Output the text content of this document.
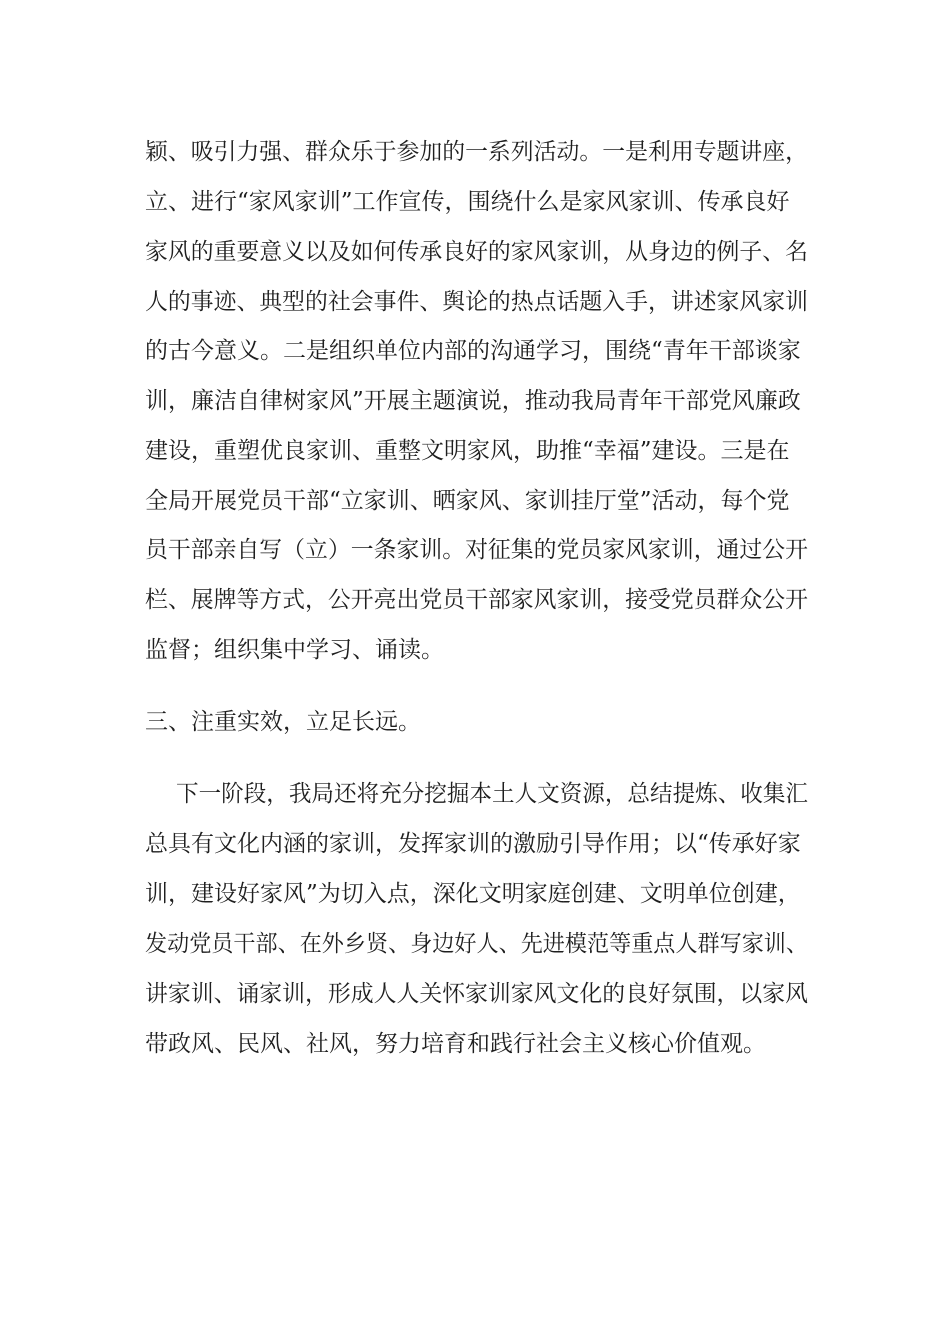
颖、吸引力强、群众乐于参加的一系列活动。一是利用专题讲座，
立、进行“家风家训”工作宣传，围绕什么是家风家训、传承良好
家风的重要意义以及如何传承良好的家风家训，从身边的例子、名
人的事迹、典型的社会事件、舆论的热点话题入手，讲述家风家训
的古今意义。二是组织单位内部的沟通学习，围绕“青年干部谈家
训，廉洁自律树家风”开展主题演说，推动我局青年干部党风廉政
建设，重塑优良家训、重整文明家风，助推“幸福”建设。三是在
全局开展党员干部“立家训、晒家风、家训挂厅堂”活动，每个党
员干部亲自写（立）一条家训。对征集的党员家风家训，通过公开
栏、展牌等方式，公开亮出党员干部家风家训，接受党员群众公开
监督；组织集中学习、诵读。
三、注重实效，立足长远。
下一阶段，我局还将充分挖掘本土人文资源，总结提炼、收集汇
总具有文化内涵的家训，发挥家训的激励引导作用；以“传承好家
训，建设好家风”为切入点，深化文明家庭创建、文明单位创建，
发动党员干部、在外乡贤、身边好人、先进模范等重点人群写家训、
讲家训、诵家训，形成人人关怀家训家风文化的良好氛围，以家风
带政风、民风、社风，努力培育和践行社会主义核心价值观。
